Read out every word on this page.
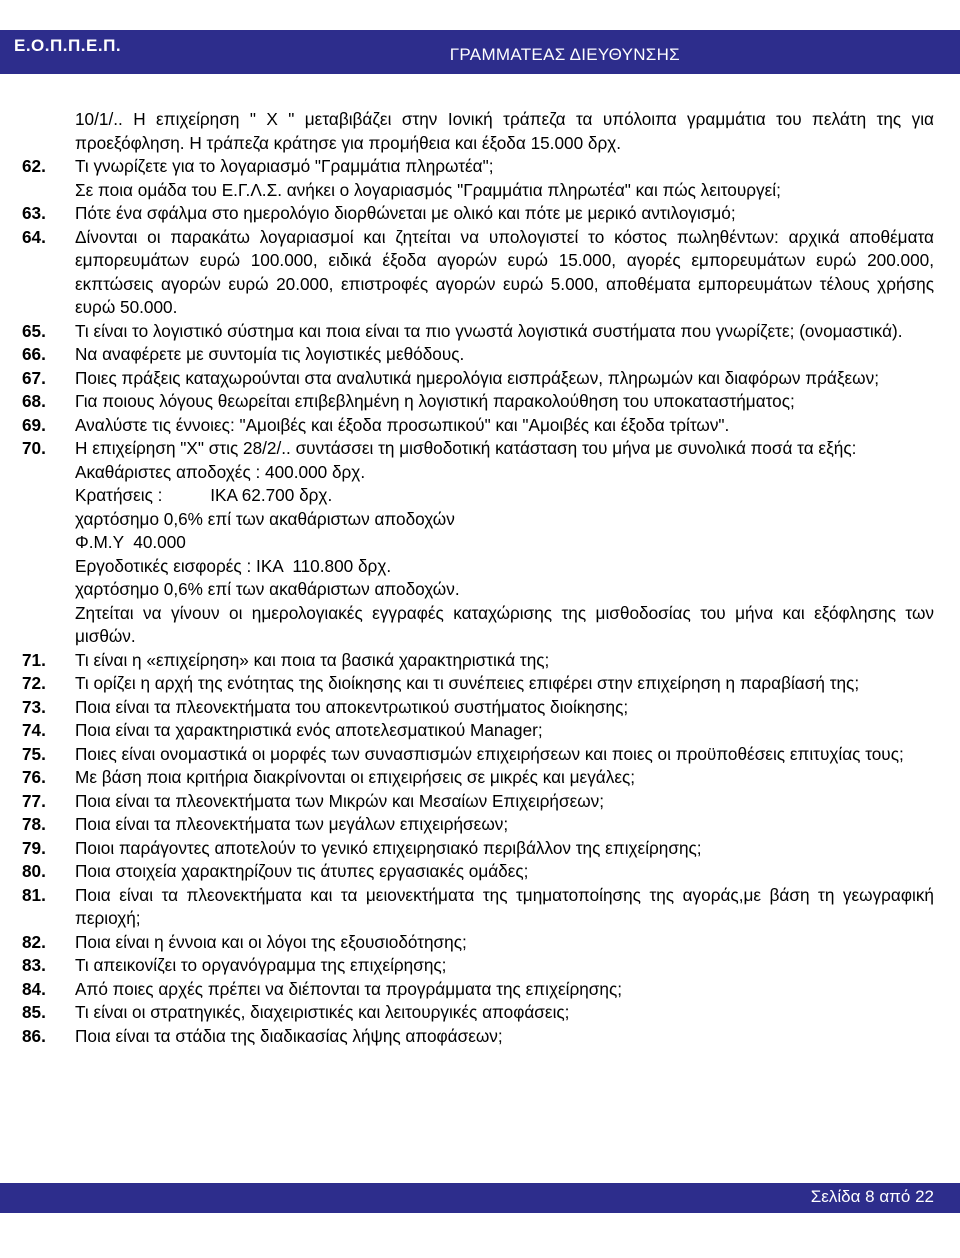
Ε.Ο.Π.Π.Ε.Π.	ΓΡΑΜΜΑΤΕΑΣ ΔΙΕΥΘΥΝΣΗΣ
10/1/.. Η επιχείρηση " Χ " μεταβιβάζει στην Ιονική τράπεζα τα υπόλοιπα γραμμάτια του πελάτη της για προεξόφληση. Η τράπεζα κράτησε για προμήθεια και έξοδα 15.000 δρχ.
62.	Τι γνωρίζετε για το λογαριασμό "Γραμμάτια πληρωτέα";
Σε ποια ομάδα του Ε.Γ.Λ.Σ. ανήκει ο λογαριασμός "Γραμμάτια πληρωτέα" και πώς λειτουργεί;
63.	Πότε ένα σφάλμα στο ημερολόγιο διορθώνεται με ολικό και πότε με μερικό αντιλογισμό;
64.	Δίνονται οι παρακάτω λογαριασμοί και ζητείται να υπολογιστεί το κόστος πωληθέντων: αρχικά αποθέματα εμπορευμάτων ευρώ 100.000, ειδικά έξοδα αγορών ευρώ 15.000, αγορές εμπορευμάτων ευρώ 200.000, εκπτώσεις αγορών ευρώ 20.000, επιστροφές αγορών ευρώ 5.000, αποθέματα εμπορευμάτων τέλους χρήσης ευρώ 50.000.
65.	Τι είναι το λογιστικό σύστημα και ποια είναι τα πιο γνωστά λογιστικά συστήματα που γνωρίζετε; (ονομαστικά).
66.	Να αναφέρετε με συντομία τις λογιστικές μεθόδους.
67.	Ποιες πράξεις καταχωρούνται στα αναλυτικά ημερολόγια εισπράξεων, πληρωμών και διαφόρων πράξεων;
68.	Για ποιους λόγους θεωρείται επιβεβλημένη η λογιστική παρακολούθηση του υποκαταστήματος;
69.	Αναλύστε τις έννοιες: "Αμοιβές και έξοδα προσωπικού" και "Αμοιβές και έξοδα τρίτων".
70.	Η επιχείρηση "Χ" στις 28/2/.. συντάσσει τη μισθοδοτική κατάσταση του μήνα με συνολικά ποσά τα εξής:
Ακαθάριστες αποδοχές : 400.000 δρχ.
Κρατήσεις :          ΙΚΑ 62.700 δρχ.
χαρτόσημο 0,6% επί των ακαθάριστων αποδοχών
Φ.Μ.Υ  40.000
Εργοδοτικές εισφορές : ΙΚΑ  110.800 δρχ.
χαρτόσημο 0,6% επί των ακαθάριστων αποδοχών.
Ζητείται να γίνουν οι ημερολογιακές εγγραφές καταχώρισης της μισθοδοσίας του μήνα και εξόφλησης των μισθών.
71.	Τι είναι η «επιχείρηση» και ποια τα βασικά χαρακτηριστικά της;
72.	Τι ορίζει η αρχή της ενότητας της διοίκησης και τι συνέπειες επιφέρει στην επιχείρηση η παραβίασή της;
73.	Ποια είναι τα πλεονεκτήματα του αποκεντρωτικού συστήματος διοίκησης;
74.	Ποια είναι τα χαρακτηριστικά ενός αποτελεσματικού Manager;
75.	Ποιες είναι ονομαστικά οι μορφές των συνασπισμών επιχειρήσεων και ποιες οι προϋποθέσεις επιτυχίας τους;
76.	Με βάση ποια κριτήρια διακρίνονται οι επιχειρήσεις σε μικρές και μεγάλες;
77.	Ποια είναι τα πλεονεκτήματα των Μικρών και Μεσαίων Επιχειρήσεων;
78.	Ποια είναι τα πλεονεκτήματα των μεγάλων επιχειρήσεων;
79.	Ποιοι παράγοντες αποτελούν το γενικό επιχειρησιακό περιβάλλον της επιχείρησης;
80.	Ποια στοιχεία χαρακτηρίζουν τις άτυπες εργασιακές ομάδες;
81.	Ποια είναι τα πλεονεκτήματα και τα μειονεκτήματα της τμηματοποίησης της αγοράς,με βάση τη γεωγραφική περιοχή;
82.	Ποια είναι η έννοια και οι λόγοι της εξουσιοδότησης;
83.	Τι απεικονίζει το οργανόγραμμα της επιχείρησης;
84.	Από ποιες αρχές πρέπει να διέπονται τα προγράμματα της επιχείρησης;
85.	Τι είναι οι στρατηγικές, διαχειριστικές και λειτουργικές αποφάσεις;
86.	Ποια είναι τα στάδια της διαδικασίας λήψης αποφάσεων;
Σελίδα 8 από 22
